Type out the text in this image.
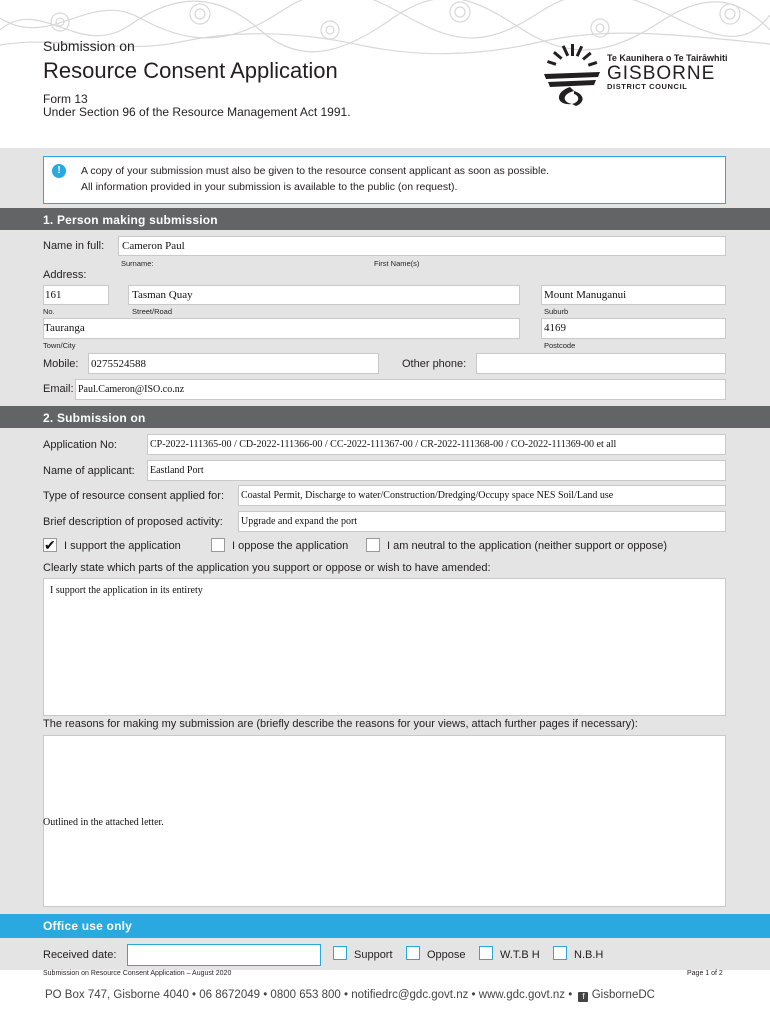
Submission on
Resource Consent Application
Form 13
Under Section 96 of the Resource Management Act 1991.
Te Kaunihera o Te Tairāwhiti
GISBORNE
DISTRICT COUNCIL
!	A copy of your submission must also be given to the resource consent applicant as soon as possible.
All information provided in your submission is available to the public (on request).
1. Person making submission
Name in full: Cameron Paul
Surname:	First Name(s)
Address:
161	Tasman Quay	Mount Manuganui
No.	Street/Road	Suburb
Tauranga	4169
Town/City	Postcode
Mobile: 0275524588	Other phone:
Email: Paul.Cameron@ISO.co.nz
2. Submission on
Application No:	CP-2022-111365-00 / CD-2022-111366-00 / CC-2022-111367-00 / CR-2022-111368-00 / CO-2022-111369-00 et all
Name of applicant: Eastland Port
Type of resource consent applied for: Coastal Permit, Discharge to water/Construction/Dredging/Occupy space NES Soil/Land use
Brief description of proposed activity: Upgrade and expand the port
✔ I support the application	I oppose the application	I am neutral to the application (neither support or oppose)
Clearly state which parts of the application you support or oppose or wish to have amended:
I support the application in its entirety
The reasons for making my submission are (briefly describe the reasons for your views, attach further pages if necessary):
Outlined in the attached letter.
Office use only
Received date:	Support	Oppose	W.T.B H	N.B.H
Submission on Resource Consent Application – August 2020	Page 1 of 2
PO Box 747, Gisborne 4040 • 06 8672049 • 0800 653 800 • notifiedrc@gdc.govt.nz • www.gdc.govt.nz • f GisborneDC
